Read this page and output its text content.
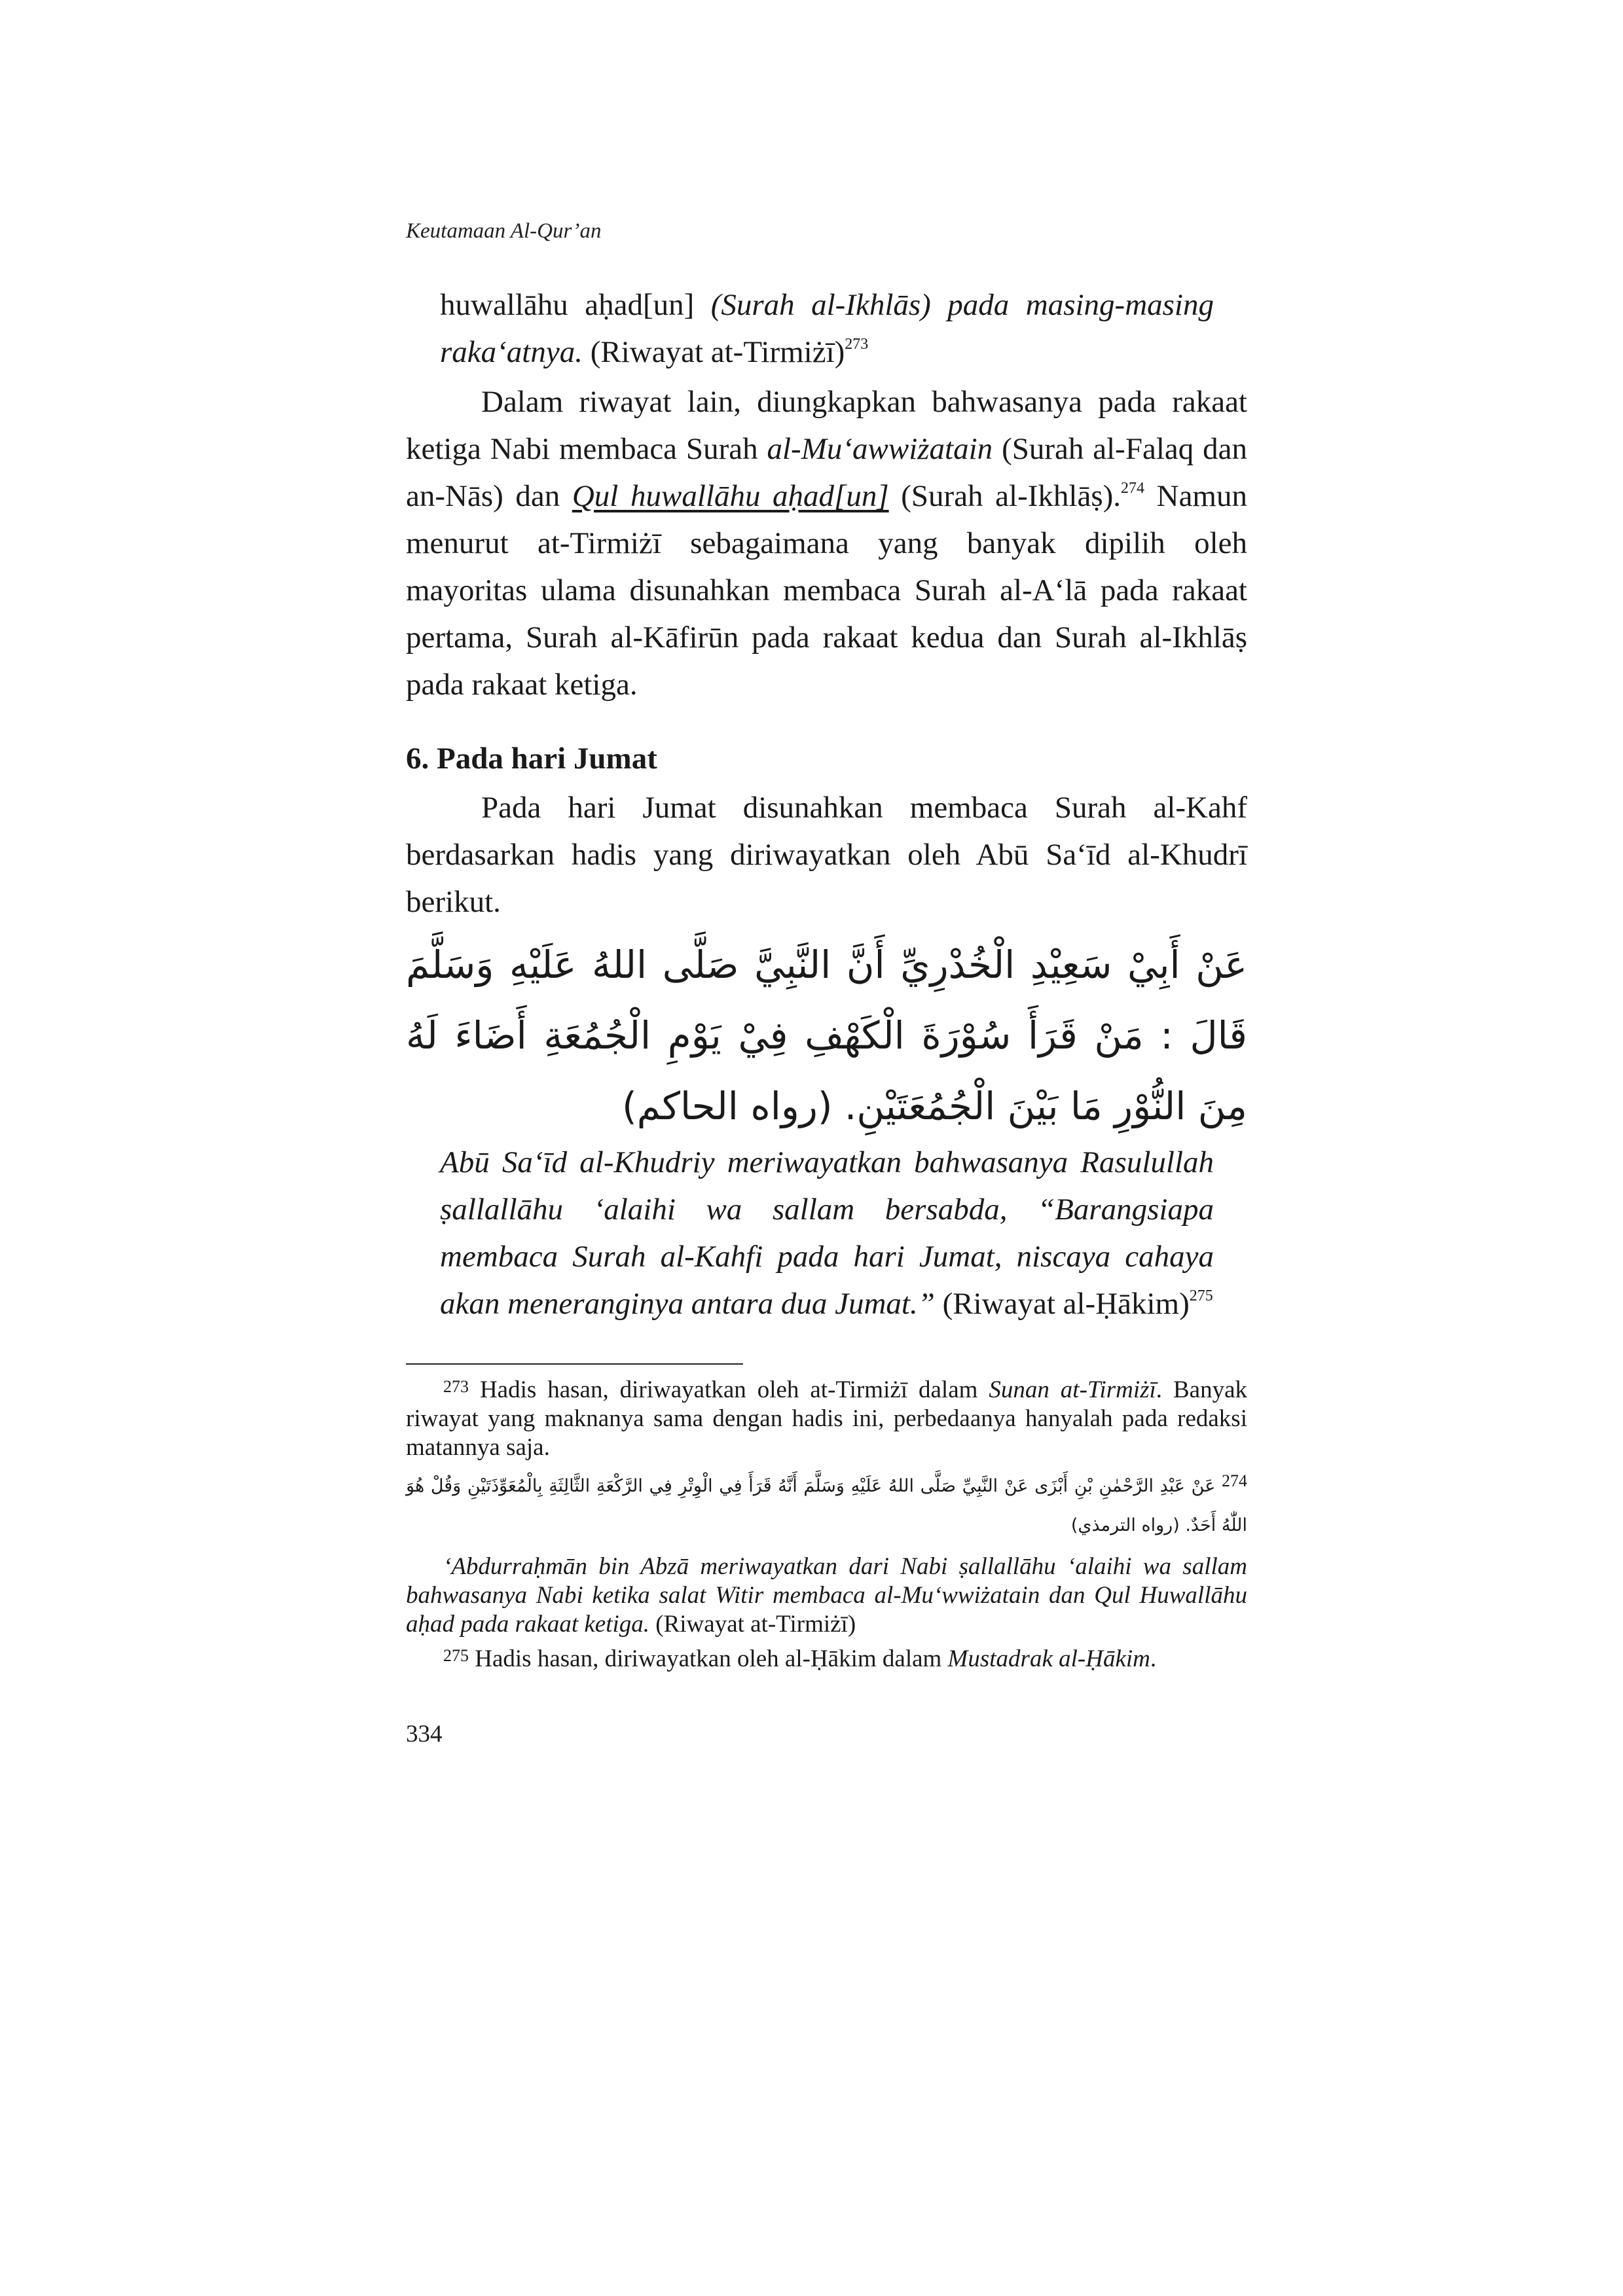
Keutamaan Al-Qur’an

huwallāhu aḥad[un] (Surah al-Ikhlās) pada masing-masing raka‘atnya. (Riwayat at-Tirmiżī)$^{273}$

Dalam riwayat lain, diungkapkan bahwasanya pada rakaat ketiga Nabi membaca Surah al-Mu‘awwiżatain (Surah al-Falaq dan an-Nās) dan Qul huwallāhu aḥad[un] (Surah al-Ikhlāṣ).$^{274}$ Namun menurut at-Tirmiżī sebagaimana yang banyak dipilih oleh mayoritas ulama disunahkan membaca Surah al-A‘lā pada rakaat pertama, Surah al-Kāfirūn pada rakaat kedua dan Surah al-Ikhlāṣ pada rakaat ketiga.

6. Pada hari Jumat

Pada hari Jumat disunahkan membaca Surah al-Kahf berdasarkan hadis yang diriwayatkan oleh Abū Sa‘īd al-Khudrī berikut.

عَنْ أَبِيْ سَعِيْدِ الْخُدْرِيِّ أَنَّ النَّبِيَّ صَلَّى اللهُ عَلَيْهِ وَسَلَّمَ قَالَ : مَنْ قَرَأَ سُوْرَةَ الْكَهْفِ فِيْ يَوْمِ الْجُمُعَةِ أَضَاءَ لَهُ مِنَ النُّوْرِ مَا بَيْنَ الْجُمُعَتَيْنِ. (رواه الحاكم)

Abū Sa‘īd al-Khudriy meriwayatkan bahwasanya Rasulullah ṣallallāhu ‘alaihi wa sallam bersabda, “Barangsiapa membaca Surah al-Kahfi pada hari Jumat, niscaya cahaya akan meneranginya antara dua Jumat.” (Riwayat al-Ḥākim)$^{275}$

$^{273}$ Hadis hasan, diriwayatkan oleh at-Tirmiżī dalam Sunan at-Tirmiżī. Banyak riwayat yang maknanya sama dengan hadis ini, perbedaanya hanyalah pada redaksi matannya saja.

274 عَنْ عَبْدِ الرَّحْمٰنِ بْنِ أَبْزَى عَنْ النَّبِيِّ صَلَّى اللهُ عَلَيْهِ وَسَلَّمَ أَنَّهُ قَرَأَ فِي الْوِتْرِ فِي الرَّكْعَةِ الثَّالِثَةِ بِالْمُعَوِّذَتَيْنِ وَقُلْ هُوَ اللّٰهُ أَحَدٌ. (رواه الترمذي)

‘Abdurraḥmān bin Abzā meriwayatkan dari Nabi ṣallallāhu ‘alaihi wa sallam bahwasanya Nabi ketika salat Witir membaca al-Mu‘wwiżatain dan Qul Huwallāhu aḥad pada rakaat ketiga. (Riwayat at-Tirmiżī)

$^{275}$ Hadis hasan, diriwayatkan oleh al-Ḥākim dalam Mustadrak al-Ḥākim.

334
